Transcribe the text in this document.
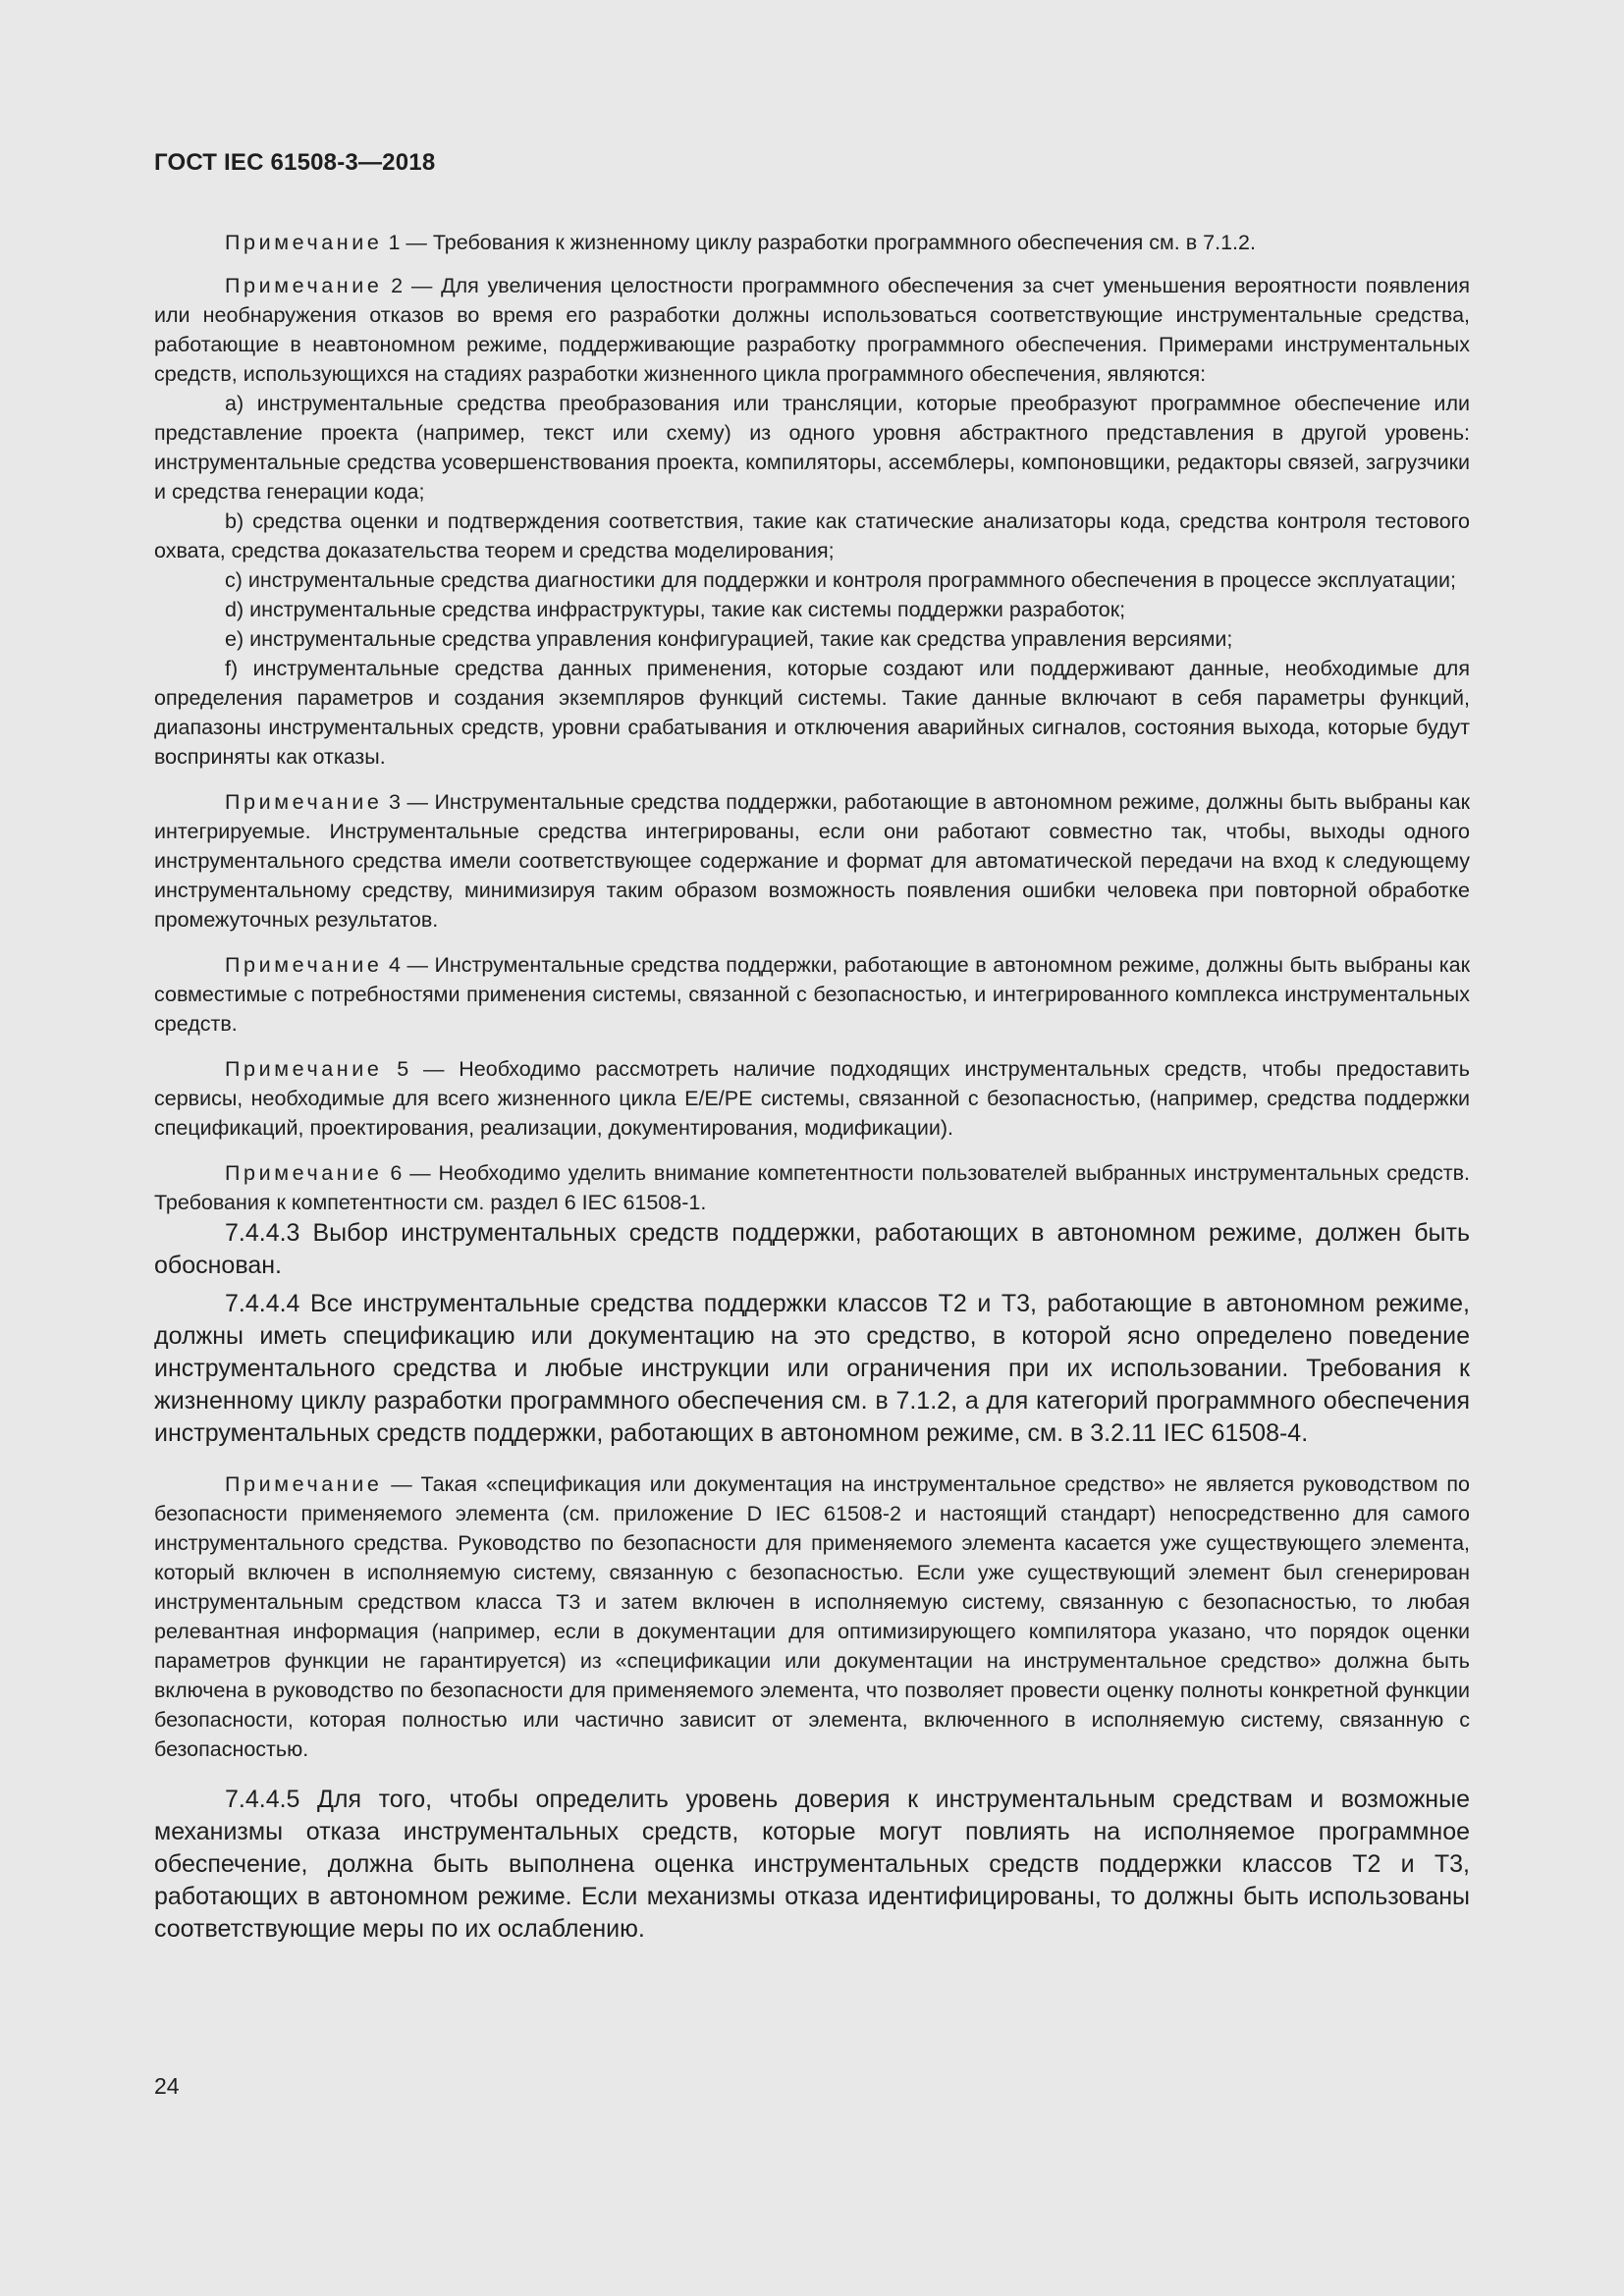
ГОСТ IEC 61508-3—2018

Примечание 1 — Требования к жизненному циклу разработки программного обеспечения см. в 7.1.2.

Примечание 2 — Для увеличения целостности программного обеспечения за счет уменьшения вероятности появления или необнаружения отказов во время его разработки должны использоваться соответствующие инструментальные средства, работающие в неавтономном режиме, поддерживающие разработку программного обеспечения. Примерами инструментальных средств, использующихся на стадиях разработки жизненного цикла программного обеспечения, являются:

a) инструментальные средства преобразования или трансляции, которые преобразуют программное обеспечение или представление проекта (например, текст или схему) из одного уровня абстрактного представления в другой уровень: инструментальные средства усовершенствования проекта, компиляторы, ассемблеры, компоновщики, редакторы связей, загрузчики и средства генерации кода;

b) средства оценки и подтверждения соответствия, такие как статические анализаторы кода, средства контроля тестового охвата, средства доказательства теорем и средства моделирования;

c) инструментальные средства диагностики для поддержки и контроля программного обеспечения в процессе эксплуатации;

d) инструментальные средства инфраструктуры, такие как системы поддержки разработок;

e) инструментальные средства управления конфигурацией, такие как средства управления версиями;

f) инструментальные средства данных применения, которые создают или поддерживают данные, необходимые для определения параметров и создания экземпляров функций системы. Такие данные включают в себя параметры функций, диапазоны инструментальных средств, уровни срабатывания и отключения аварийных сигналов, состояния выхода, которые будут восприняты как отказы.

Примечание 3 — Инструментальные средства поддержки, работающие в автономном режиме, должны быть выбраны как интегрируемые. Инструментальные средства интегрированы, если они работают совместно так, чтобы, выходы одного инструментального средства имели соответствующее содержание и формат для автоматической передачи на вход к следующему инструментальному средству, минимизируя таким образом возможность появления ошибки человека при повторной обработке промежуточных результатов.

Примечание 4 — Инструментальные средства поддержки, работающие в автономном режиме, должны быть выбраны как совместимые с потребностями применения системы, связанной с безопасностью, и интегрированного комплекса инструментальных средств.

Примечание 5 — Необходимо рассмотреть наличие подходящих инструментальных средств, чтобы предоставить сервисы, необходимые для всего жизненного цикла E/E/PE системы, связанной с безопасностью, (например, средства поддержки спецификаций, проектирования, реализации, документирования, модификации).

Примечание 6 — Необходимо уделить внимание компетентности пользователей выбранных инструментальных средств. Требования к компетентности см. раздел 6 IEC 61508-1.

7.4.4.3 Выбор инструментальных средств поддержки, работающих в автономном режиме, должен быть обоснован.

7.4.4.4 Все инструментальные средства поддержки классов Т2 и Т3, работающие в автономном режиме, должны иметь спецификацию или документацию на это средство, в которой ясно определено поведение инструментального средства и любые инструкции или ограничения при их использовании. Требования к жизненному циклу разработки программного обеспечения см. в 7.1.2, а для категорий программного обеспечения инструментальных средств поддержки, работающих в автономном режиме, см. в 3.2.11 IEC 61508-4.

Примечание — Такая «спецификация или документация на инструментальное средство» не является руководством по безопасности применяемого элемента (см. приложение D IEC 61508-2 и настоящий стандарт) непосредственно для самого инструментального средства. Руководство по безопасности для применяемого элемента касается уже существующего элемента, который включен в исполняемую систему, связанную с безопасностью. Если уже существующий элемент был сгенерирован инструментальным средством класса Т3 и затем включен в исполняемую систему, связанную с безопасностью, то любая релевантная информация (например, если в документации для оптимизирующего компилятора указано, что порядок оценки параметров функции не гарантируется) из «спецификации или документации на инструментальное средство» должна быть включена в руководство по безопасности для применяемого элемента, что позволяет провести оценку полноты конкретной функции безопасности, которая полностью или частично зависит от элемента, включенного в исполняемую систему, связанную с безопасностью.

7.4.4.5 Для того, чтобы определить уровень доверия к инструментальным средствам и возможные механизмы отказа инструментальных средств, которые могут повлиять на исполняемое программное обеспечение, должна быть выполнена оценка инструментальных средств поддержки классов Т2 и Т3, работающих в автономном режиме. Если механизмы отказа идентифицированы, то должны быть использованы соответствующие меры по их ослаблению.

24
